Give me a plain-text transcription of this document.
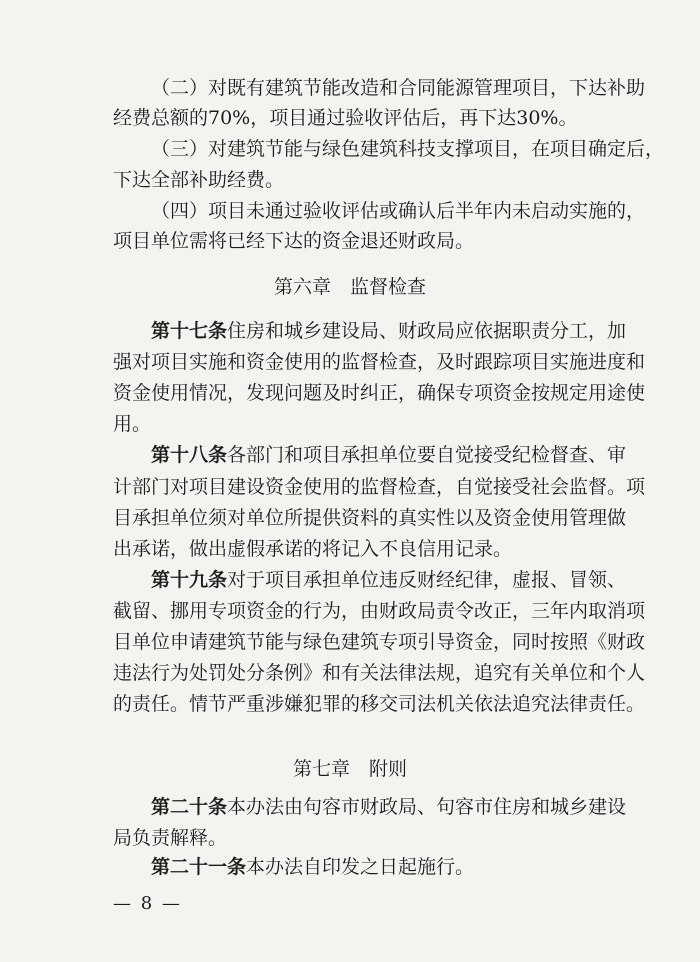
（二）对既有建筑节能改造和合同能源管理项目，下达补助
经费总额的70%，项目通过验收评估后，再下达30%。
（三）对建筑节能与绿色建筑科技支撑项目，在项目确定后，
下达全部补助经费。
（四）项目未通过验收评估或确认后半年内未启动实施的，
项目单位需将已经下达的资金退还财政局。
第六章　监督检查
第十七条住房和城乡建设局、财政局应依据职责分工，加
强对项目实施和资金使用的监督检查，及时跟踪项目实施进度和
资金使用情况，发现问题及时纠正，确保专项资金按规定用途使
用。
第十八条各部门和项目承担单位要自觉接受纪检督查、审
计部门对项目建设资金使用的监督检查，自觉接受社会监督。项
目承担单位须对单位所提供资料的真实性以及资金使用管理做
出承诺，做出虚假承诺的将记入不良信用记录。
第十九条对于项目承担单位违反财经纪律，虚报、冒领、
截留、挪用专项资金的行为，由财政局责令改正，三年内取消项
目单位申请建筑节能与绿色建筑专项引导资金，同时按照《财政
违法行为处罚处分条例》和有关法律法规，追究有关单位和个人
的责任。情节严重涉嫌犯罪的移交司法机关依法追究法律责任。
第七章　附则
第二十条本办法由句容市财政局、句容市住房和城乡建设
局负责解释。
第二十一条本办法自印发之日起施行。
— 8 —
